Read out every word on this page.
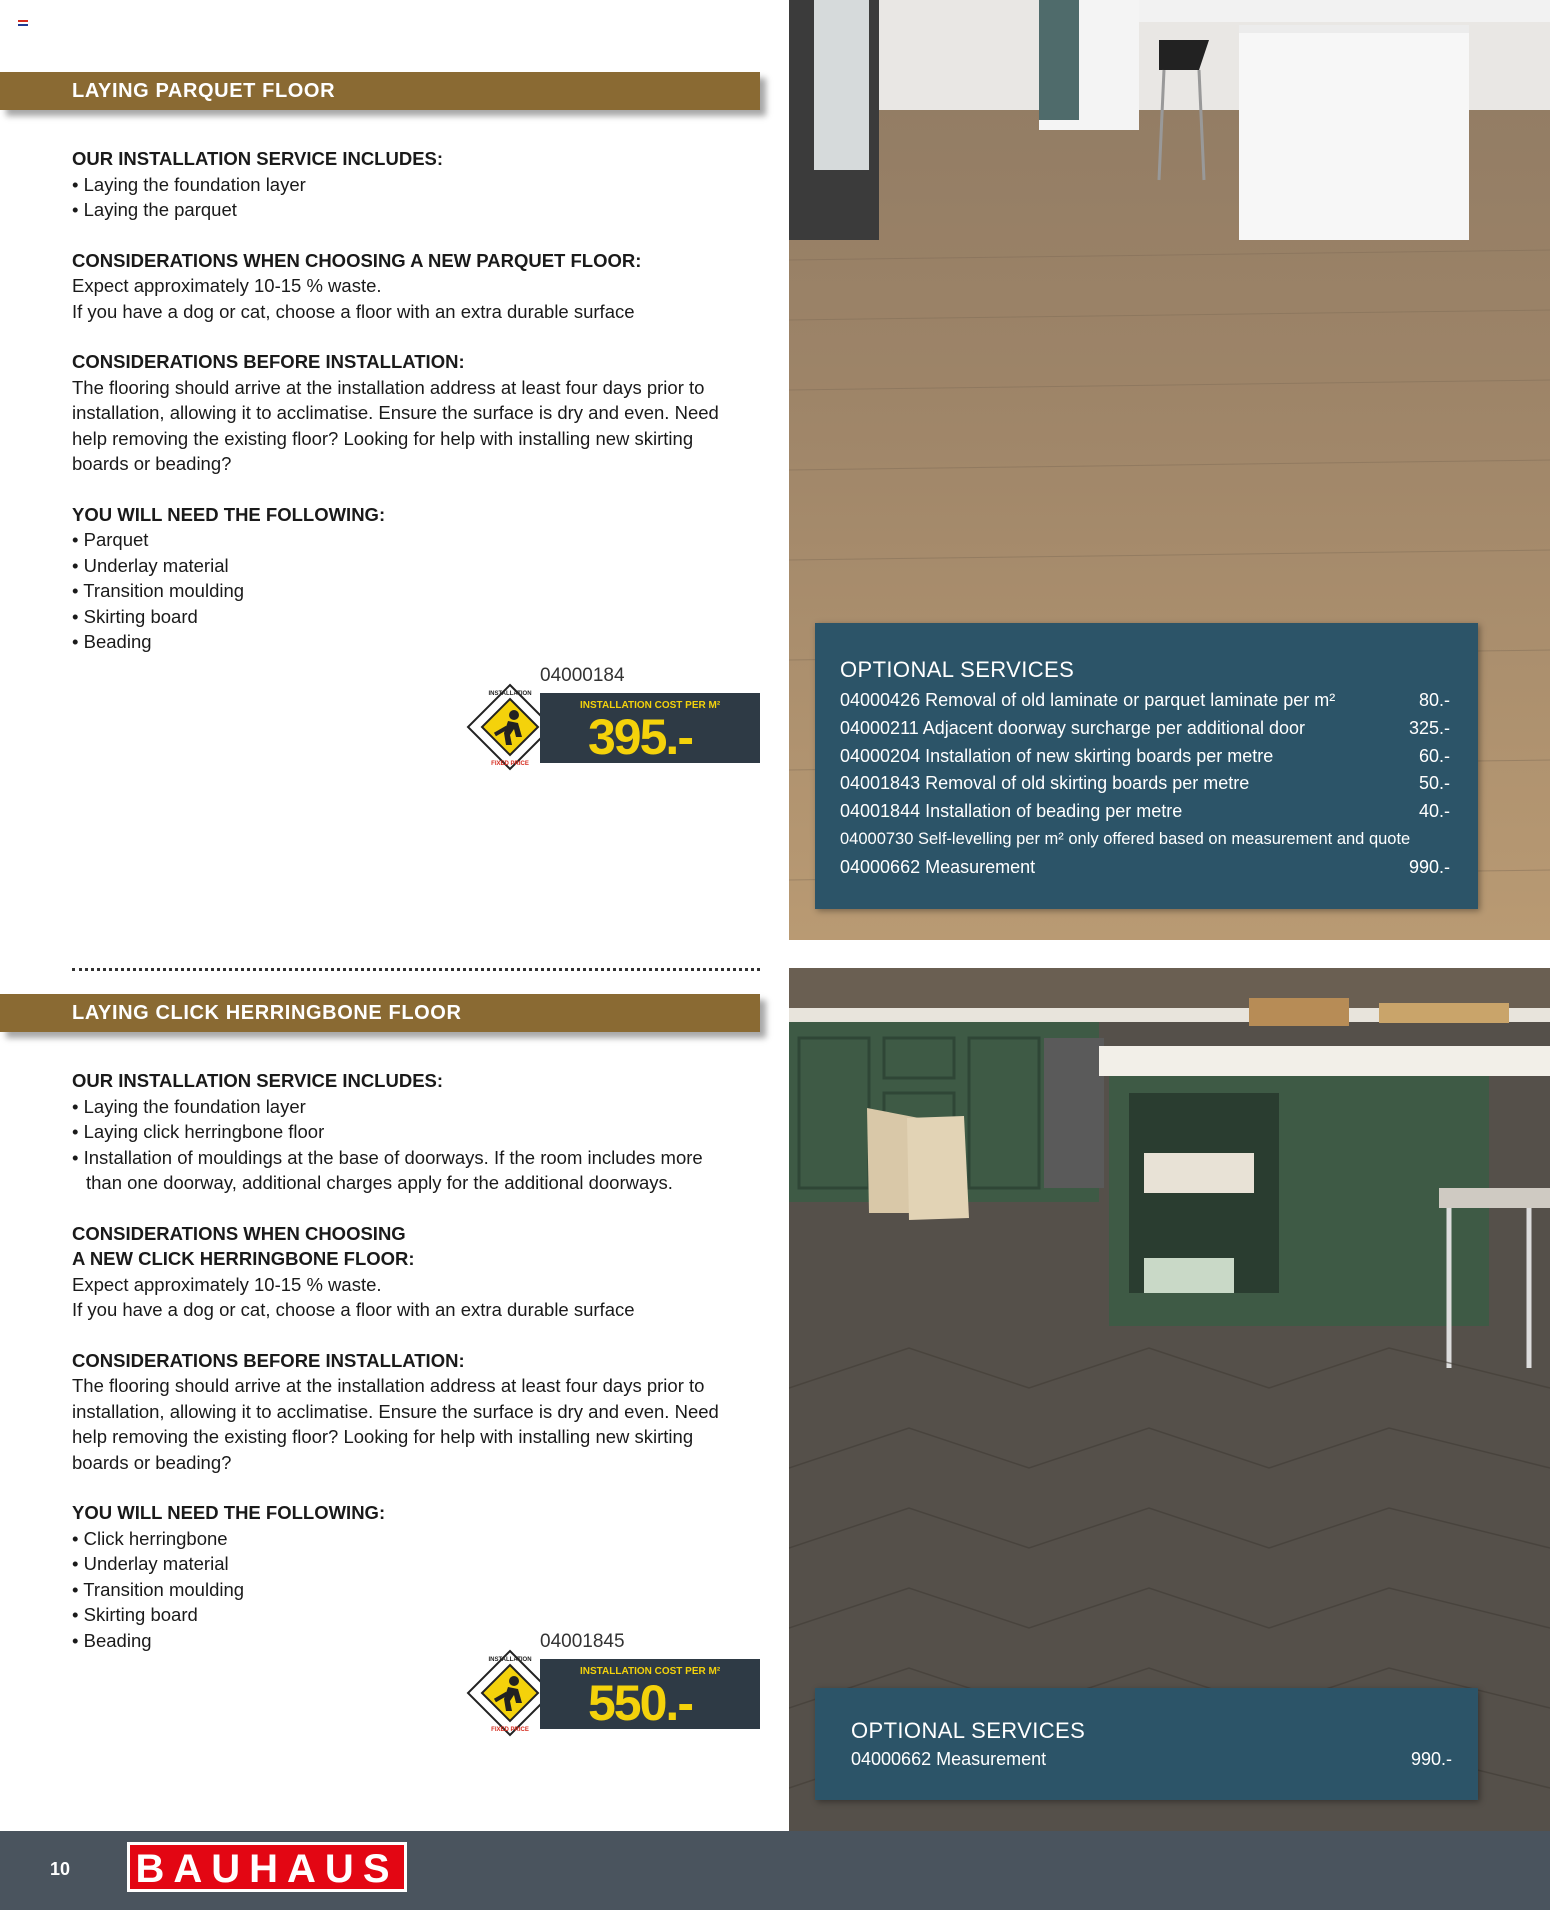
LAYING PARQUET FLOOR
OUR INSTALLATION SERVICE INCLUDES:
• Laying the foundation layer
• Laying the parquet
CONSIDERATIONS WHEN CHOOSING A NEW PARQUET FLOOR:

Expect approximately 10-15 % waste.

If you have a dog or cat, choose a floor with an extra durable surface

CONSIDERATIONS BEFORE INSTALLATION:

The flooring should arrive at the installation address at least four days prior to installation, allowing it to acclimatise. Ensure the surface is dry and even. Need help removing the existing floor? Looking for help with installing new skirting boards or beading?

YOU WILL NEED THE FOLLOWING:
• Parquet
• Underlay material
• Transition moulding
• Skirting board
• Beading
04000184
INSTALLATION
FIXED PRICE
INSTALLATION COST PER M²
395.-
OPTIONAL SERVICES
04000426 Removal of old laminate or parquet laminate per m²	80.-
04000211 Adjacent doorway surcharge per additional door	325.-
04000204 Installation of new skirting boards per metre	60.-
04001843 Removal of old skirting boards per metre	50.-
04001844 Installation of beading per metre	40.-
04000730 Self-levelling per m² only offered based on measurement and quote
04000662 Measurement	990.-
LAYING CLICK HERRINGBONE FLOOR
OUR INSTALLATION SERVICE INCLUDES:
• Laying the foundation layer
• Laying click herringbone floor
• Installation of mouldings at the base of doorways. If the room includes more than one doorway, additional charges apply for the additional doorways.
CONSIDERATIONS WHEN CHOOSING
A NEW CLICK HERRINGBONE FLOOR:

Expect approximately 10-15 % waste.

If you have a dog or cat, choose a floor with an extra durable surface

CONSIDERATIONS BEFORE INSTALLATION:

The flooring should arrive at the installation address at least four days prior to installation, allowing it to acclimatise. Ensure the surface is dry and even. Need help removing the existing floor? Looking for help with installing new skirting boards or beading?

YOU WILL NEED THE FOLLOWING:
• Click herringbone
• Underlay material
• Transition moulding
• Skirting board
• Beading	04001845
INSTALLATION
FIXED PRICE
INSTALLATION COST PER M²
550.-	OPTIONAL SERVICES
04000662 Measurement	990.-
10 BAUHAUS
